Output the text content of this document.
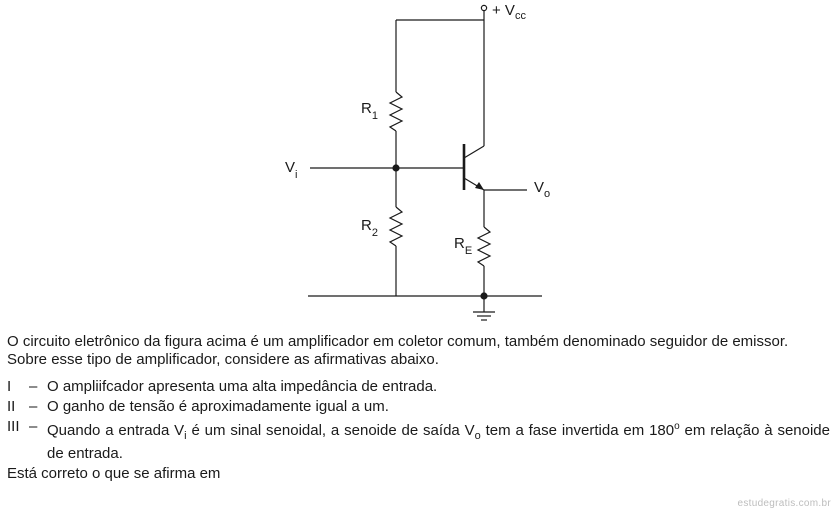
+ $V_{cc}$
$V_i$
$V_o$
$R_1$
$R_2$
$R_E$
O circuito eletrônico da figura acima é um amplificador em coletor comum, também denominado seguidor de emissor.
Sobre esse tipo de amplificador, considere as afirmativas abaixo.
I	– O ampliifcador apresenta uma alta impedância de entrada.
II – O ganho de tensão é aproximadamente igual a um.
III – Quando a entrada $V_i$ é um sinal senoidal, a senoide de saída $V_o$ tem a fase invertida em 180$^o$ em relação à senoide de entrada.
Está correto o que se afirma em
estudegratis.com.br
